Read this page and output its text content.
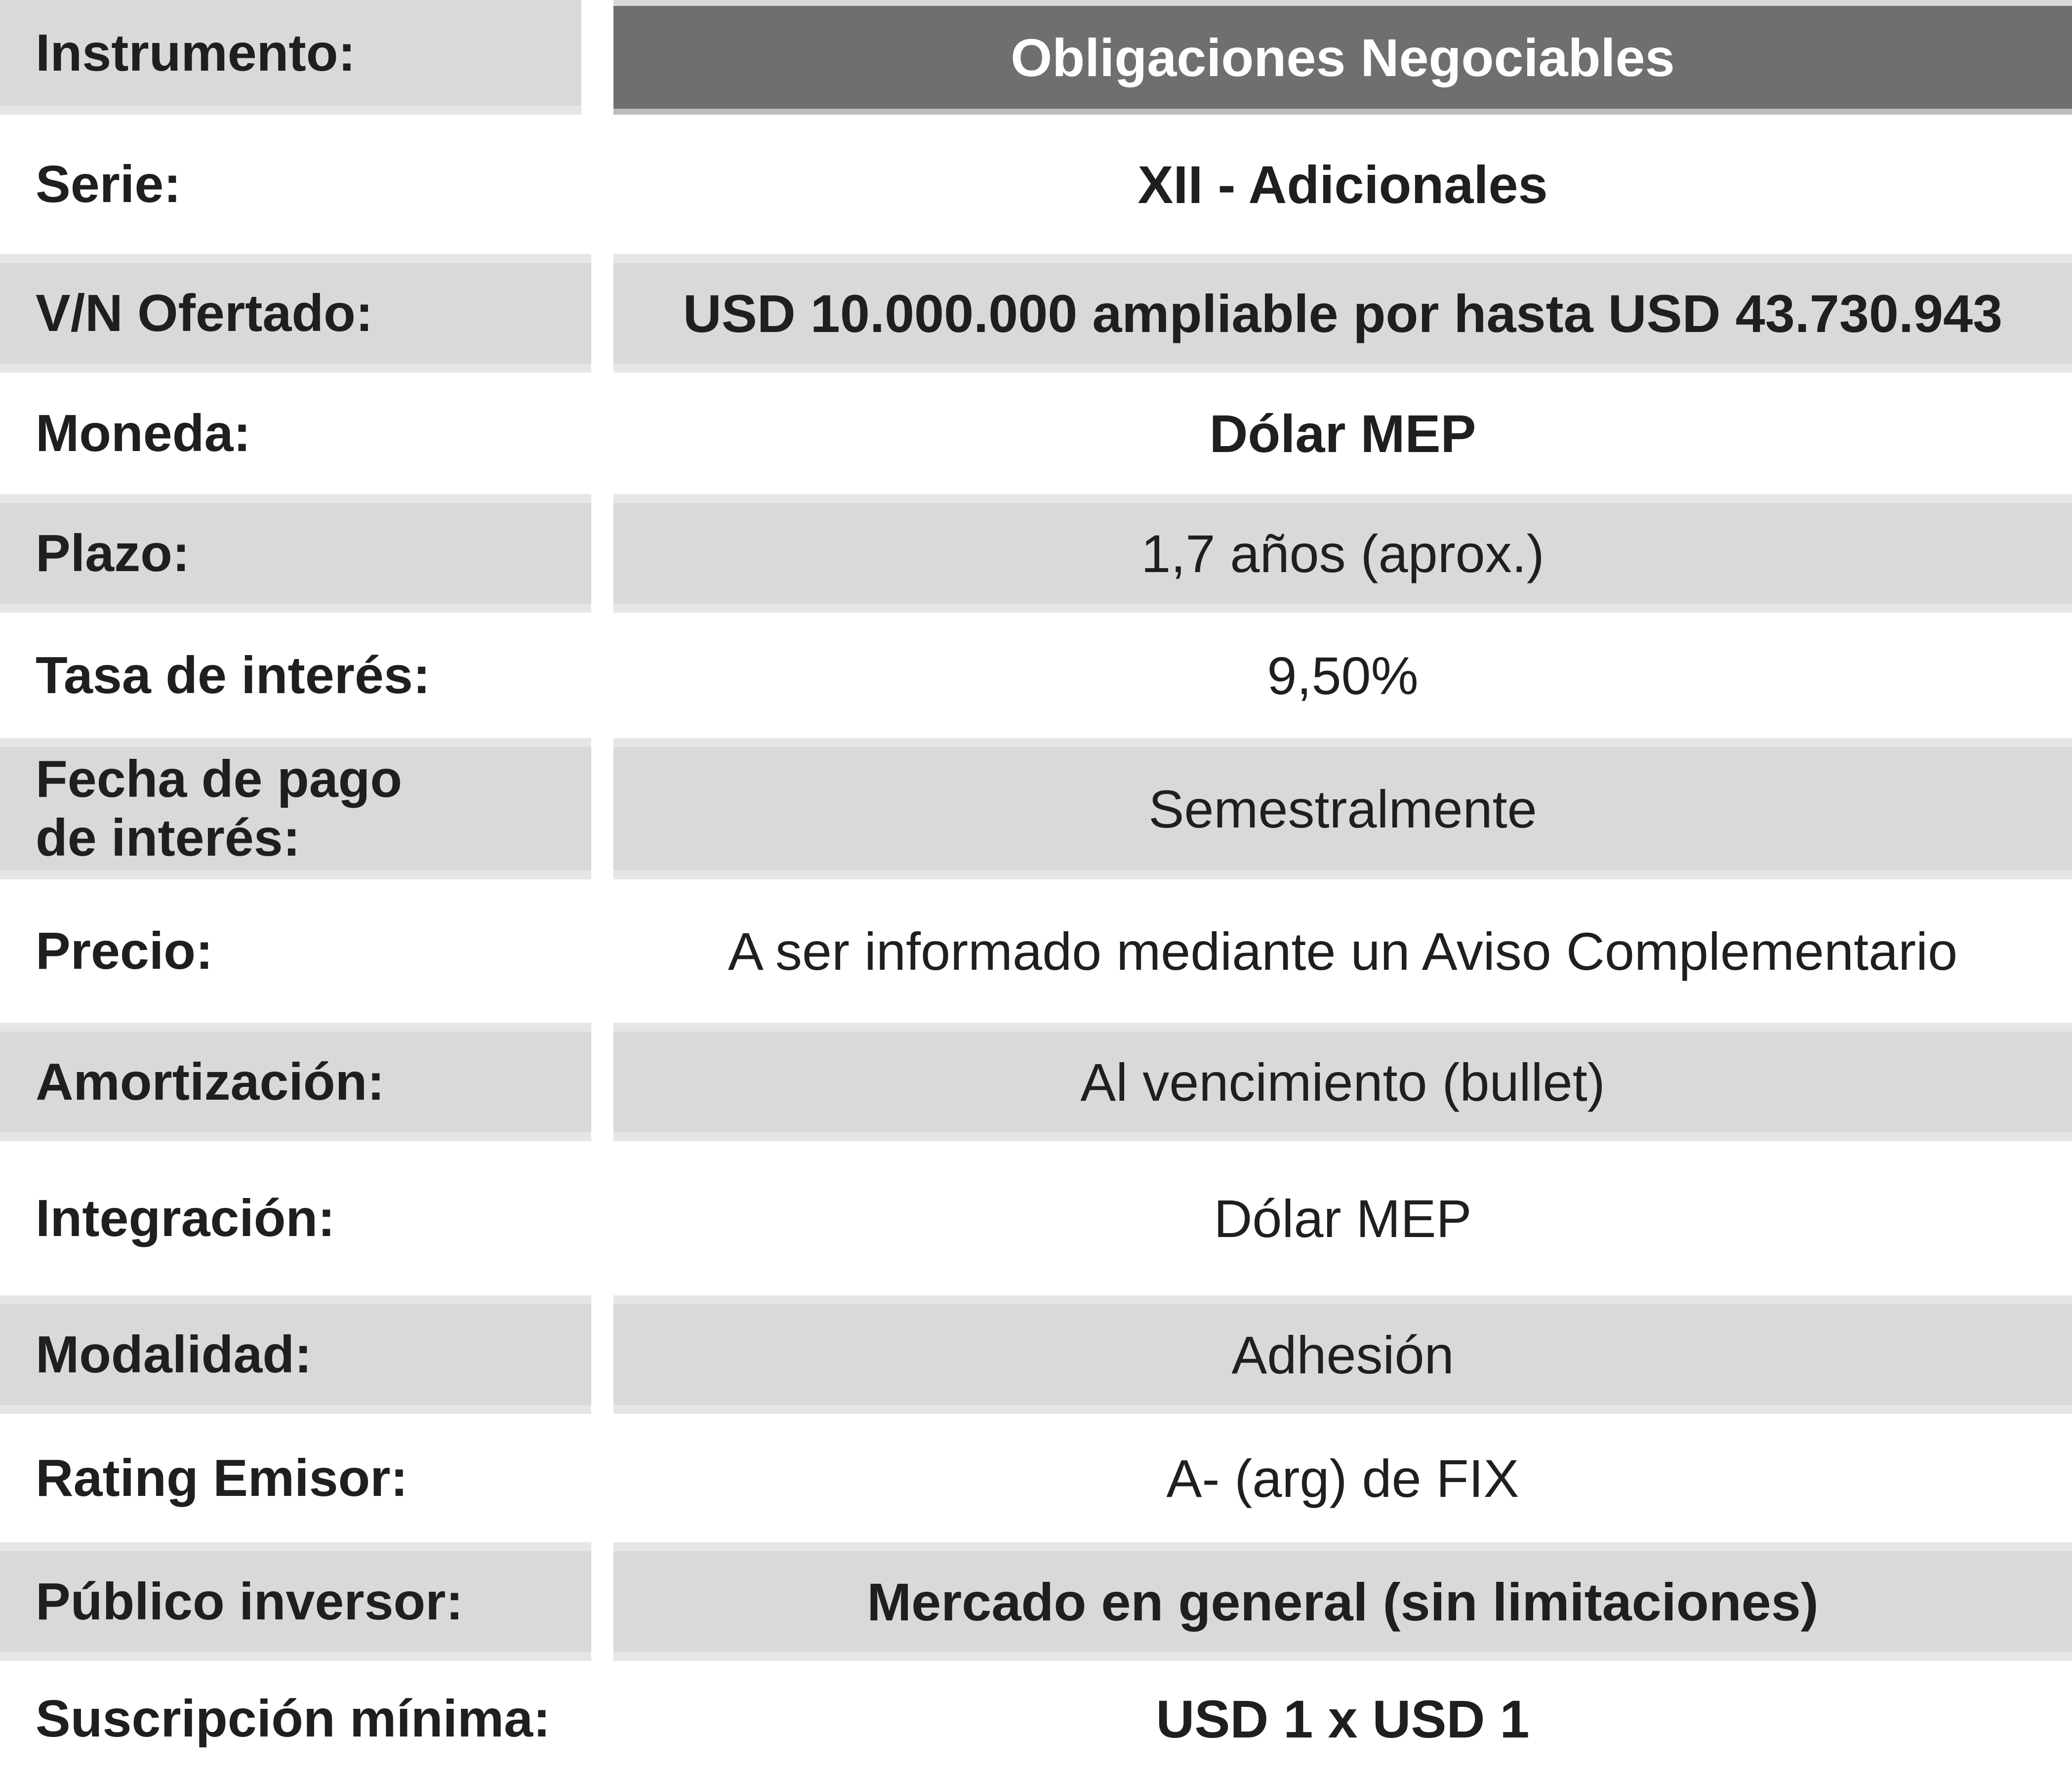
Instrumento:	Obligaciones Negociables
Serie:	XII - Adicionales
V/N Ofertado:	USD 10.000.000 ampliable por hasta USD 43.730.943
Moneda:	Dólar MEP
Plazo:	1,7 años (aprox.)
Tasa de interés:	9,50%
Fecha de pago
de interés:	Semestralmente
Precio:	A ser informado mediante un Aviso Complementario
Amortización:	Al vencimiento (bullet)
Integración:	Dólar MEP
Modalidad:	Adhesión
Rating Emisor:	A- (arg) de FIX
Público inversor:	Mercado en general (sin limitaciones)
Suscripción mínima:	USD 1 x USD 1
